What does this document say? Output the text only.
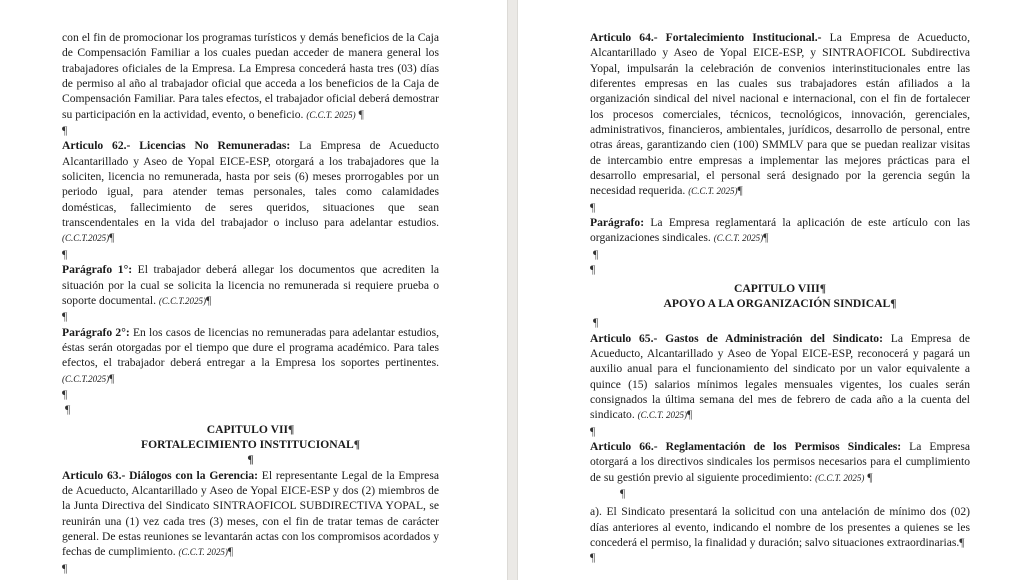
con el fin de promocionar los programas turísticos y demás beneficios de la Caja de Compensación Familiar a los cuales puedan acceder de manera general los trabajadores oficiales de la Empresa. La Empresa concederá hasta tres (03) días de permiso al año al trabajador oficial que acceda a los beneficios de la Caja de Compensación Familiar. Para tales efectos, el trabajador oficial deberá demostrar su participación en la actividad, evento, o beneficio. (C.C.T. 2025) ¶

¶

Articulo 62.- Licencias No Remuneradas: La Empresa de Acueducto Alcantarillado y Aseo de Yopal EICE-ESP, otorgará a los trabajadores que la soliciten, licencia no remunerada, hasta por seis (6) meses prorrogables por un periodo igual, para atender temas personales, tales como calamidades domésticas, fallecimiento de seres queridos, situaciones que sean transcendentales en la vida del trabajador o incluso para adelantar estudios. (C.C.T.2025)¶

¶

Parágrafo 1°: El trabajador deberá allegar los documentos que acrediten la situación por la cual se solicita la licencia no remunerada si requiere prueba o soporte documental. (C.C.T.2025)¶

¶

Parágrafo 2°: En los casos de licencias no remuneradas para adelantar estudios, éstas serán otorgadas por el tiempo que dure el programa académico. Para tales efectos, el trabajador deberá entregar a la Empresa los soportes pertinentes. (C.C.T.2025)¶

¶

¶

CAPITULO VII¶

FORTALECIMIENTO INSTITUCIONAL¶

¶

Articulo 63.- Diálogos con la Gerencia: El representante Legal de la Empresa de Acueducto, Alcantarillado y Aseo de Yopal EICE-ESP y dos (2) miembros de la Junta Directiva del Sindicato SINTRAOFICOL SUBDIRECTIVA YOPAL, se reunirán una (1) vez cada tres (3) meses, con el fin de tratar temas de carácter general. De estas reuniones se levantarán actas con los compromisos acordados y fechas de cumplimiento. (C.C.T. 2025)¶

¶

Articulo 64.- Fortalecimiento Institucional.- La Empresa de Acueducto, Alcantarillado y Aseo de Yopal EICE-ESP, y SINTRAOFICOL Subdirectiva Yopal, impulsarán la celebración de convenios interinstitucionales entre las diferentes empresas en las cuales sus trabajadores están afiliados a la organización sindical del nivel nacional e internacional, con el fin de fortalecer los procesos comerciales, técnicos, tecnológicos, innovación, gerenciales, administrativos, financieros, ambientales, jurídicos, desarrollo de personal, entre otras áreas, garantizando cien (100) SMMLV para que se puedan realizar visitas de intercambio entre empresas a implementar las mejores prácticas para el desarrollo empresarial, el personal será designado por la gerencia según la necesidad requerida. (C.C.T. 2025)¶

¶

Parágrafo: La Empresa reglamentará la aplicación de este artículo con las organizaciones sindicales. (C.C.T. 2025)¶

¶

¶

CAPITULO VIII¶

APOYO A LA ORGANIZACIÓN SINDICAL¶

¶

Articulo 65.- Gastos de Administración del Sindicato: La Empresa de Acueducto, Alcantarillado y Aseo de Yopal EICE-ESP, reconocerá y pagará un auxilio anual para el funcionamiento del sindicato por un valor equivalente a quince (15) salarios mínimos legales mensuales vigentes, los cuales serán consignados la última semana del mes de febrero de cada año a la cuenta del sindicato. (C.C.T. 2025)¶

¶

Articulo 66.- Reglamentación de los Permisos Sindicales: La Empresa otorgará a los directivos sindicales los permisos necesarios para el cumplimiento de su gestión previo al siguiente procedimiento: (C.C.T. 2025) ¶

¶

a). El Sindicato presentará la solicitud con una antelación de mínimo dos (02) días anteriores al evento, indicando el nombre de los presentes a quienes se les concederá el permiso, la finalidad y duración; salvo situaciones extraordinarias.¶

¶
